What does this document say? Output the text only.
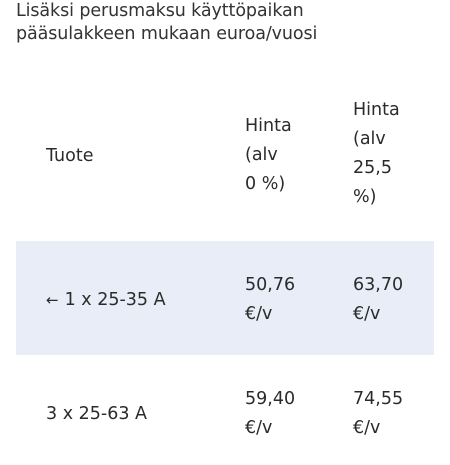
Lisäksi perusmaksu käyttöpaikan
pääsulakkeen mukaan euroa/vuosi
Tuote
Hinta
(alv
0 %)
Hinta
(alv
25,5
%)
← 1 x 25-35 A
50,76
€/v
63,70
€/v
3 x 25-63 A
59,40
€/v
74,55
€/v
